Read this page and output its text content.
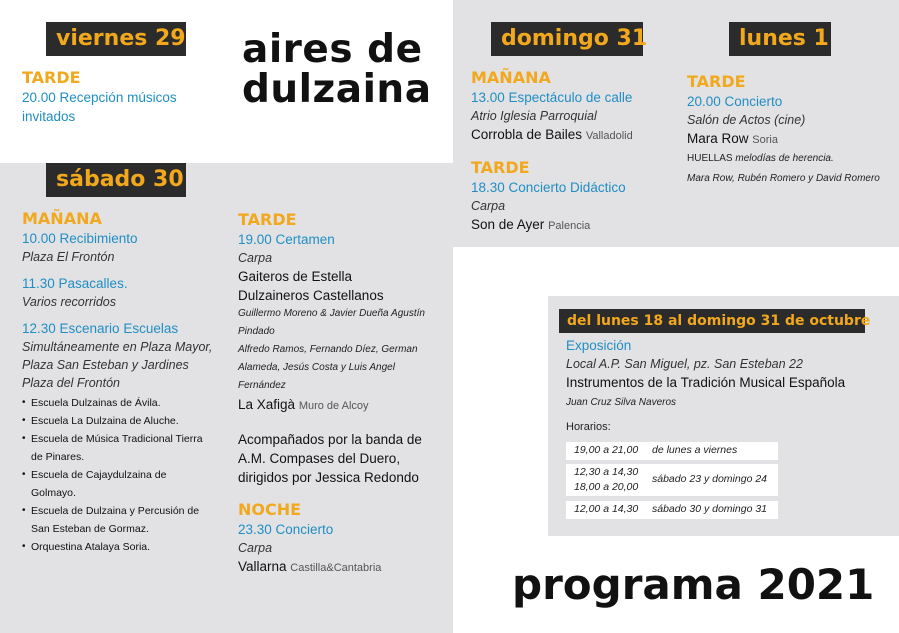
aires de
dulzaina
programa 2021
viernes 29
TARDE
20.00 Recepción músicos invitados
sábado 30
MAÑANA
10.00 Recibimiento
Plaza El Frontón
11.30 Pasacalles.
Varios recorridos
12.30 Escenario Escuelas
Simultáneamente en Plaza Mayor, Plaza San Esteban y Jardines Plaza del Frontón
• Escuela Dulzainas de Ávila.
• Escuela La Dulzaina de Aluche.
• Escuela de Música Tradicional Tierra de Pinares.
• Escuela de Cajaydulzaina de Golmayo.
• Escuela de Dulzaina y Percusión de San Esteban de Gormaz.
• Orquestina Atalaya Soria.
TARDE
19.00 Certamen
Carpa
Gaiteros de Estella
Dulzaineros Castellanos
Guillermo Moreno & Javier Dueña Agustín Pindado
Alfredo Ramos, Fernando Díez, German Alameda, Jesús Costa y Luis Angel Fernández
La Xafigà Muro de Alcoy
Acompañados por la banda de A.M. Compases del Duero, dirigidos por Jessica Redondo
NOCHE
23.30 Concierto
Carpa
Vallarna Castilla&Cantabria
domingo 31
MAÑANA
13.00 Espectáculo de calle
Atrio Iglesia Parroquial
Corrobla de Bailes Valladolid
TARDE
18.30 Concierto Didáctico
Carpa
Son de Ayer Palencia
lunes 1
TARDE
20.00 Concierto
Salón de Actos (cine)
Mara Row Soria
HUELLAS melodías de herencia.
Mara Row, Rubén Romero y David Romero
del lunes 18 al domingo 31 de octubre
Exposición
Local A.P. San Miguel, pz. San Esteban 22
Instrumentos de la Tradición Musical Española
Juan Cruz Silva Naveros
Horarios:
19,00 a 21,00 de lunes a viernes
12,30 a 14,30
18,00 a 20,00
sábado 23 y domingo 24
12,00 a 14,30 sábado 30 y domingo 31
